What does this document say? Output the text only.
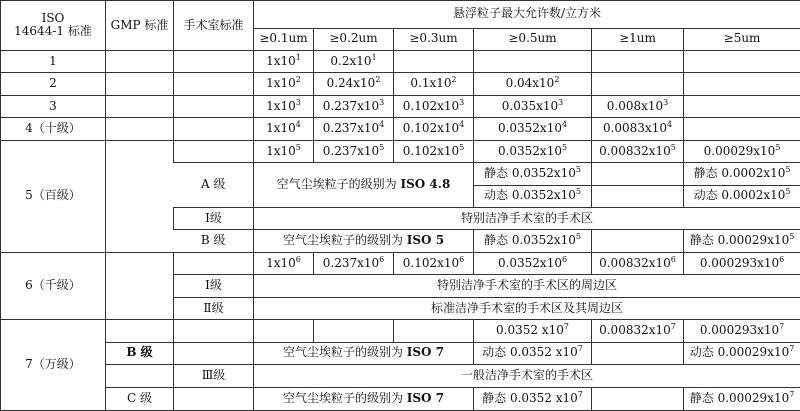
ISO
14644-1 标准	GMP 标准	手术室标准	悬浮粒子最大允许数/立方米					
			≥0.1um	≥0.2um	≥0.3um	≥0.5um	≥1um	≥5um
1			$1x10^1$	$0.2x10^1$				
2			$1x10^2$	$0.24x10^2$	$0.1x10^2$	$0.04x10^2$		
3			$1x10^3$	$0.237x10^3$	$0.102x10^3$	$0.035x10^3$	$0.008x10^3$	
4（十级）			$1x10^4$	$0.237x10^4$	$0.102x10^4$	$0.0352x10^4$	$0.0083x10^4$	
5（百级）			$1x10^5$	$0.237x10^5$	$0.102x10^5$	$0.0352x10^5$	$0.00832x10^5$	$0.00029x10^5$
		A 级	空气尘埃粒子的级别为 ISO 4.8			静态 $0.0352x10^5$		静态 $0.0002x10^5$
						动态 $0.0352x10^5$		动态 $0.0002x10^5$
		Ⅰ级	特别洁净手术室的手术区					
		B 级	空气尘埃粒子的级别为 ISO 5			静态 $0.0352x10^5$		静态 $0.00029x10^5$
6（千级）			$1x10^6$	$0.237x10^6$	$0.102x10^6$	$0.0352x10^6$	$0.00832x10^6$	$0.000293x10^6$
		Ⅰ级	特别洁净手术室的手术区的周边区					
		Ⅱ级	标准洁净手术室的手术区及其周边区					
7（万级）						0.0352 $x10^7$	$0.00832x10^7$	$0.000293x10^7$
	B 级		空气尘埃粒子的级别为 ISO 7			动态 0.0352 $x10^7$		动态 $0.00029x10^7$
		Ⅲ级	一般洁净手术室的手术区					
	C 级		空气尘埃粒子的级别为 ISO 7			静态 0.0352 $x10^7$		静态 $0.00029x10^7$
